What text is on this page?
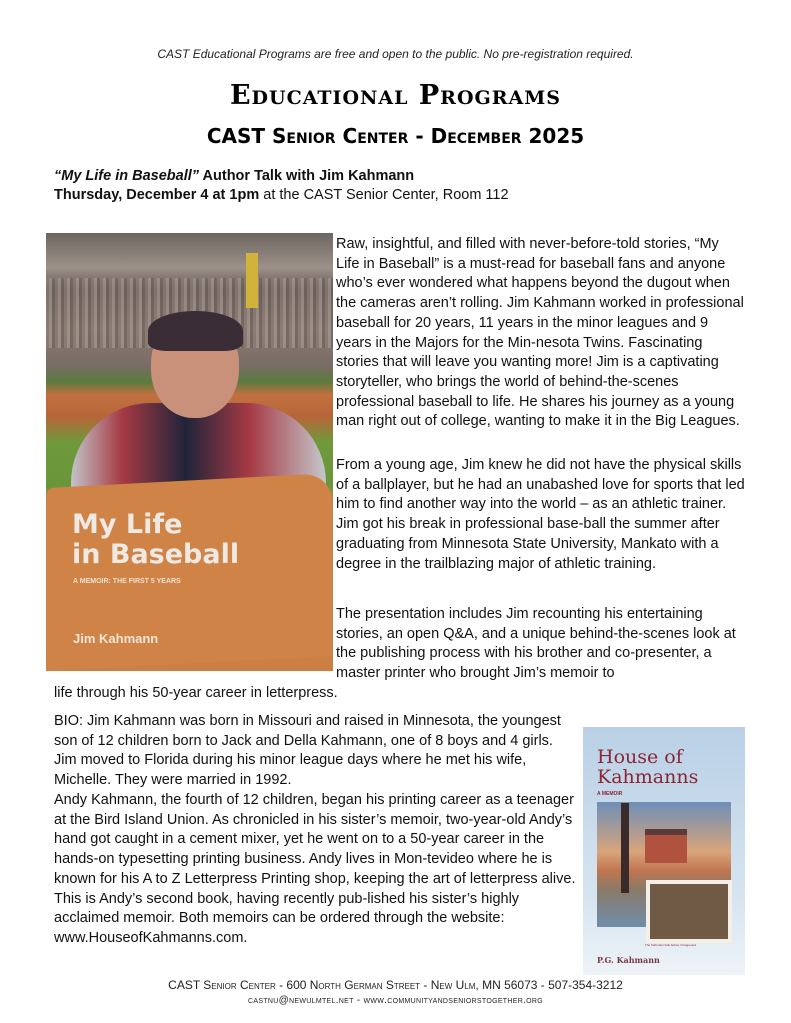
CAST Educational Programs are free and open to the public. No pre-registration required.
Educational Programs
CAST Senior Center - December 2025
“My Life in Baseball” Author Talk with Jim Kahmann
Thursday, December 4 at 1pm at the CAST Senior Center, Room 112
My Life
in Baseball
A MEMOIR: THE FIRST 5 YEARS
Jim Kahmann

Raw, insightful, and filled with never-before-told stories, “My Life in Baseball” is a must-read for baseball fans and anyone who’s ever wondered what happens beyond the dugout when the cameras aren’t rolling. Jim Kahmann worked in professional baseball for 20 years, 11 years in the minor leagues and 9 years in the Majors for the Min-nesota Twins. Fascinating stories that will leave you wanting more! Jim is a captivating storyteller, who brings the world of behind-the-scenes professional baseball to life. He shares his journey as a young man right out of college, wanting to make it in the Big Leagues.

From a young age, Jim knew he did not have the physical skills of a ballplayer, but he had an unabashed love for sports that led him to find another way into the world – as an athletic trainer. Jim got his break in professional base-ball the summer after graduating from Minnesota State University, Mankato with a degree in the trailblazing major of athletic training.

The presentation includes Jim recounting his entertaining stories, an open Q&A, and a unique behind-the-scenes look at the publishing process with his brother and co-presenter, a master printer who brought Jim’s memoir to

life through his 50-year career in letterpress.

BIO: Jim Kahmann was born in Missouri and raised in Minnesota, the youngest son of 12 children born to Jack and Della Kahmann, one of 8 boys and 4 girls. Jim moved to Florida during his minor league days where he met his wife, Michelle. They were married in 1992.

Andy Kahmann, the fourth of 12 children, began his printing career as a teenager at the Bird Island Union. As chronicled in his sister’s memoir, two-year-old Andy’s hand got caught in a cement mixer, yet he went on to a 50-year career in the hands-on typesetting printing business. Andy lives in Mon-tevideo where he is known for his A to Z Letterpress Printing shop, keeping the art of letterpress alive. This is Andy’s second book, having recently pub-lished his sister’s highly acclaimed memoir. Both memoirs can be ordered through the website: www.HouseofKahmanns.com.

House of
Kahmanns
A MEMOIR
The Kahmann kids before it happened
P.G. Kahmann
CAST Senior Center - 600 North German Street - New Ulm, MN 56073 - 507-354-3212
castnu@newulmtel.net - www.communityandseniorstogether.org
